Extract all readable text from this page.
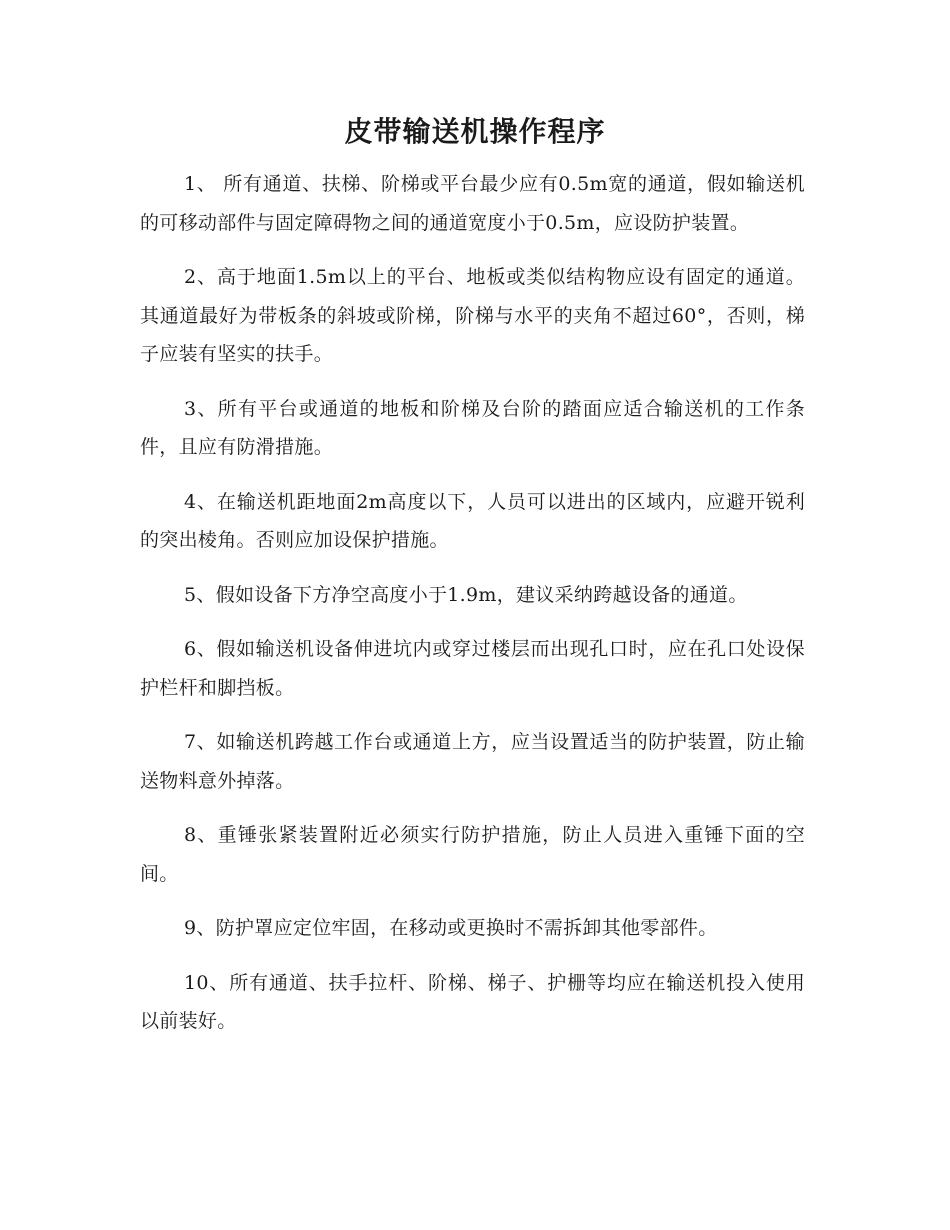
皮带输送机操作程序

1、 所有通道、扶梯、阶梯或平台最少应有0.5m宽的通道，假如输送机的可移动部件与固定障碍物之间的通道宽度小于0.5m，应设防护装置。

2、高于地面1.5m以上的平台、地板或类似结构物应设有固定的通道。其通道最好为带板条的斜坡或阶梯，阶梯与水平的夹角不超过60°，否则，梯子应装有坚实的扶手。

3、所有平台或通道的地板和阶梯及台阶的踏面应适合输送机的工作条件，且应有防滑措施。

4、在输送机距地面2m高度以下，人员可以进出的区域内，应避开锐利的突出棱角。否则应加设保护措施。

5、假如设备下方净空高度小于1.9m，建议采纳跨越设备的通道。

6、假如输送机设备伸进坑内或穿过楼层而出现孔口时，应在孔口处设保护栏杆和脚挡板。

7、如输送机跨越工作台或通道上方，应当设置适当的防护装置，防止输送物料意外掉落。

8、重锤张紧装置附近必须实行防护措施，防止人员进入重锤下面的空间。

9、防护罩应定位牢固，在移动或更换时不需拆卸其他零部件。

10、所有通道、扶手拉杆、阶梯、梯子、护栅等均应在输送机投入使用以前装好。
